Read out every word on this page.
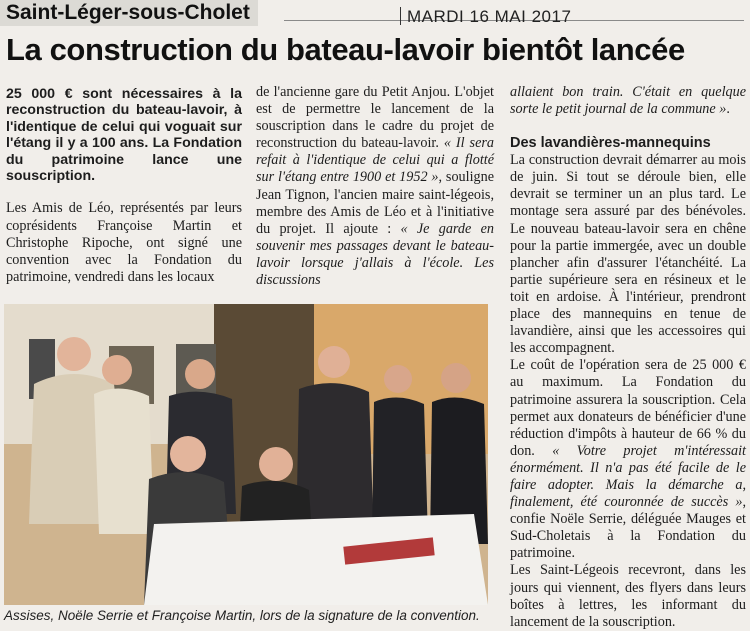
Saint-Léger-sous-Cholet	MARDI 16 MAI 2017
La construction du bateau-lavoir bientôt lancée

25 000 € sont nécessaires à la reconstruction du bateau-lavoir, à l'identique de celui qui voguait sur l'étang il y a 100 ans. La Fondation du patrimoine lance une souscription.

Les Amis de Léo, représentés par leurs coprésidents Françoise Martin et Christophe Ripoche, ont signé une convention avec la Fondation du patrimoine, vendredi dans les locaux

de l'ancienne gare du Petit Anjou. L'objet est de permettre le lancement de la souscription dans le cadre du projet de reconstruction du bateau-lavoir. « Il sera refait à l'identique de celui qui a flotté sur l'étang entre 1900 et 1952 », souligne Jean Tignon, l'ancien maire saint-légeois, membre des Amis de Léo et à l'initiative du projet. Il ajoute : « Je garde en souvenir mes passages devant le bateau-lavoir lorsque j'allais à l'école. Les discussions

allaient bon train. C'était en quelque sorte le petit journal de la commune ».

Des lavandières-mannequins

La construction devrait démarrer au mois de juin. Si tout se déroule bien, elle devrait se terminer un an plus tard. Le montage sera assuré par des bénévoles. Le nouveau bateau-lavoir sera en chêne pour la partie immergée, avec un double plancher afin d'assurer l'étanchéité. La partie supérieure sera en résineux et le toit en ardoise. À l'intérieur, prendront place des mannequins en tenue de lavandière, ainsi que les accessoires qui les accompagnent.

Le coût de l'opération sera de 25 000 € au maximum. La Fondation du patrimoine assurera la souscription. Cela permet aux donateurs de bénéficier d'une réduction d'impôts à hauteur de 66 % du don. « Votre projet m'intéressait énormément. Il n'a pas été facile de le faire adopter. Mais la démarche a, finalement, été couronnée de succès », confie Noële Serrie, déléguée Mauges et Sud-Choletais à la Fondation du patrimoine.

Les Saint-Légeois recevront, dans les jours qui viennent, des flyers dans leurs boîtes à lettres, les informant du lancement de la souscription.

Assises, Noële Serrie et Françoise Martin, lors de la signature de la convention.
